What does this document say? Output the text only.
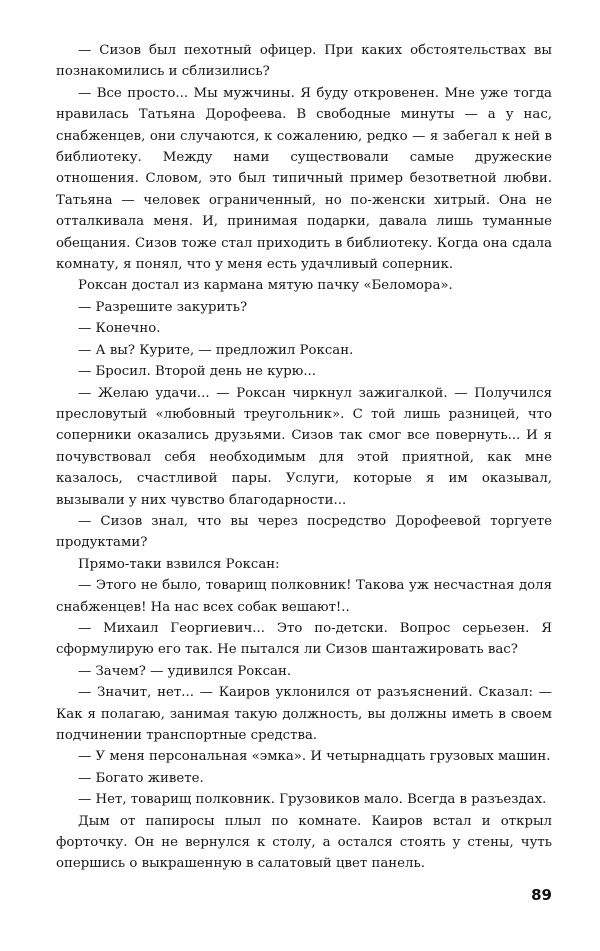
— Сизов был пехотный офицер. При каких обстоятельствах вы познакомились и сблизились?

— Все просто... Мы мужчины. Я буду откровенен. Мне уже тогда нравилась Татьяна Дорофеева. В свободные минуты — а у нас, снабженцев, они случаются, к сожалению, редко — я забегал к ней в библиотеку. Между нами существовали самые дружеские отношения. Словом, это был типичный пример безответной любви. Татьяна — человек ограниченный, но по-женски хитрый. Она не отталкивала меня. И, принимая подарки, давала лишь туманные обещания. Сизов тоже стал приходить в библиотеку. Когда она сдала комнату, я понял, что у меня есть удачливый соперник.

Роксан достал из кармана мятую пачку «Беломора».

— Разрешите закурить?

— Конечно.

— А вы? Курите, — предложил Роксан.

— Бросил. Второй день не курю...

— Желаю удачи... — Роксан чиркнул зажигалкой. — Получился пресловутый «любовный треугольник». С той лишь разницей, что соперники оказались друзьями. Сизов так смог все повернуть... И я почувствовал себя необходимым для этой приятной, как мне казалось, счастливой пары. Услуги, которые я им оказывал, вызывали у них чувство благодарности...

— Сизов знал, что вы через посредство Дорофеевой торгуете продуктами?

Прямо-таки взвился Роксан:

— Этого не было, товарищ полковник! Такова уж несчастная доля снабженцев! На нас всех собак вешают!..

— Михаил Георгиевич... Это по-детски. Вопрос серьезен. Я сформулирую его так. Не пытался ли Сизов шантажировать вас?

— Зачем? — удивился Роксан.

— Значит, нет... — Каиров уклонился от разъяснений. Сказал: — Как я полагаю, занимая такую должность, вы должны иметь в своем подчинении транспортные средства.

— У меня персональная «эмка». И четырнадцать грузовых машин.

— Богато живете.

— Нет, товарищ полковник. Грузовиков мало. Всегда в разъездах.

Дым от папиросы плыл по комнате. Каиров встал и открыл форточку. Он не вернулся к столу, а остался стоять у стены, чуть опершись о выкрашенную в салатовый цвет панель.

89
